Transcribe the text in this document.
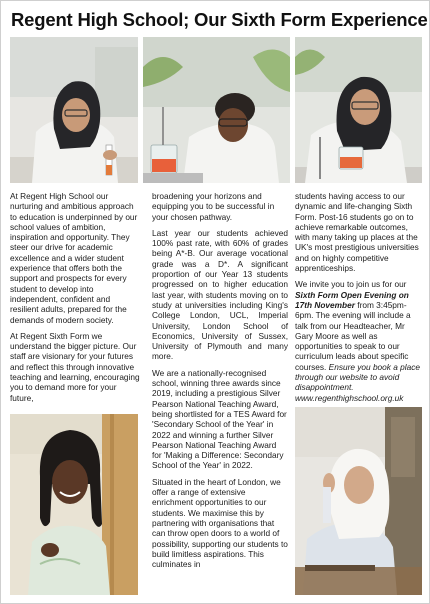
Regent High School; Our Sixth Form Experience

At Regent High School our nurturing and ambitious approach to education is underpinned by our school values of ambition, inspiration and opportunity. They steer our drive for academic excellence and a wider student experience that offers both the support and prospects for every student to develop into independent, confident and resilient adults, prepared for the demands of modern society.

At Regent Sixth Form we understand the bigger picture. Our staff are visionary for your futures and reflect this through innovative teaching and learning, encouraging you to demand more for your future,

broadening your horizons and equipping you to be successful in your chosen pathway.

Last year our students achieved 100% past rate, with 60% of grades being A*-B. Our average vocational grade was a D*. A significant proportion of our Year 13 students progressed on to higher education last year, with students moving on to study at universities including King's College London, UCL, Imperial University, London School of Economics, University of Sussex, University of Plymouth and many more.

We are a nationally-recognised school, winning three awards since 2019, including a prestigious Silver Pearson National Teaching Award, being shortlisted for a TES Award for 'Secondary School of the Year' in 2022 and winning a further Silver Pearson National Teaching Award for 'Making a Difference: Secondary School of the Year' in 2022.

Situated in the heart of London, we offer a range of extensive enrichment opportunities to our students. We maximise this by partnering with organisations that can throw open doors to a world of possibility, supporting our students to build limitless aspirations. This culminates in

students having access to our dynamic and life-changing Sixth Form. Post-16 students go on to achieve remarkable outcomes, with many taking up places at the UK's most prestigious universities and on highly competitive apprenticeships.

We invite you to join us for our Sixth Form Open Evening on 17th November from 3:45pm-6pm. The evening will include a talk from our Headteacher, Mr Gary Moore as well as opportunities to speak to our curriculum leads about specific courses. Ensure you book a place through our website to avoid disappointment. www.regenthighschool.org.uk
